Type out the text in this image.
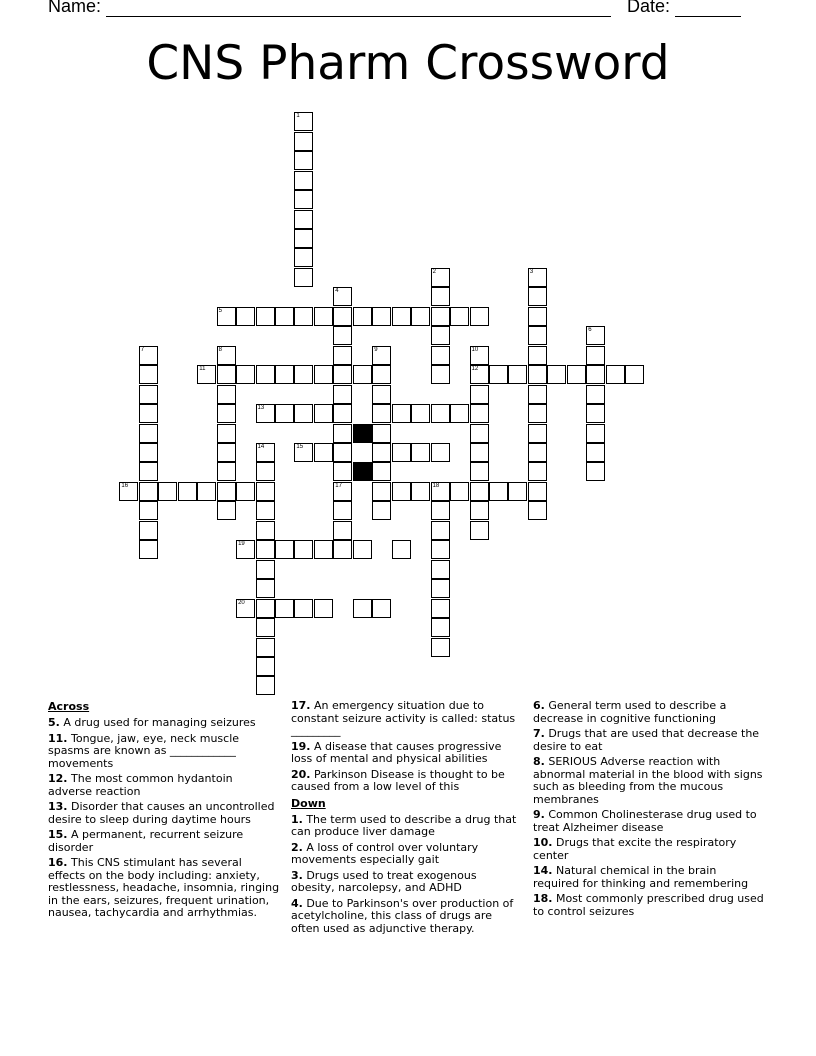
Name:	Date:
CNS Pharm Crossword
1
2	3
4
17
5
6
7	8	9	10
12
11
13
14	15
16	18
19
20
Across
5. A drug used for managing seizures
11. Tongue, jaw, eye, neck muscle spasms are known as ____________ movements
12. The most common hydantoin adverse reaction
13. Disorder that causes an uncontrolled desire to sleep during daytime hours
15. A permanent, recurrent seizure disorder
16. This CNS stimulant has several effects on the body including: anxiety, restlessness, headache, insomnia, ringing in the ears, seizures, frequent urination, nausea, tachycardia and arrhythmias.
17. An emergency situation due to constant seizure activity is called: status _________
19. A disease that causes progressive loss of mental and physical abilities
20. Parkinson Disease is thought to be caused from a low level of this
Down
1. The term used to describe a drug that can produce liver damage
2. A loss of control over voluntary movements especially gait
3. Drugs used to treat exogenous obesity, narcolepsy, and ADHD
4. Due to Parkinson's over production of acetylcholine, this class of drugs are often used as adjunctive therapy.
6. General term used to describe a decrease in cognitive functioning
7. Drugs that are used that decrease the desire to eat
8. SERIOUS Adverse reaction with abnormal material in the blood with signs such as bleeding from the mucous membranes
9. Common Cholinesterase drug used to treat Alzheimer disease
10. Drugs that excite the respiratory center
14. Natural chemical in the brain required for thinking and remembering
18. Most commonly prescribed drug used to control seizures
